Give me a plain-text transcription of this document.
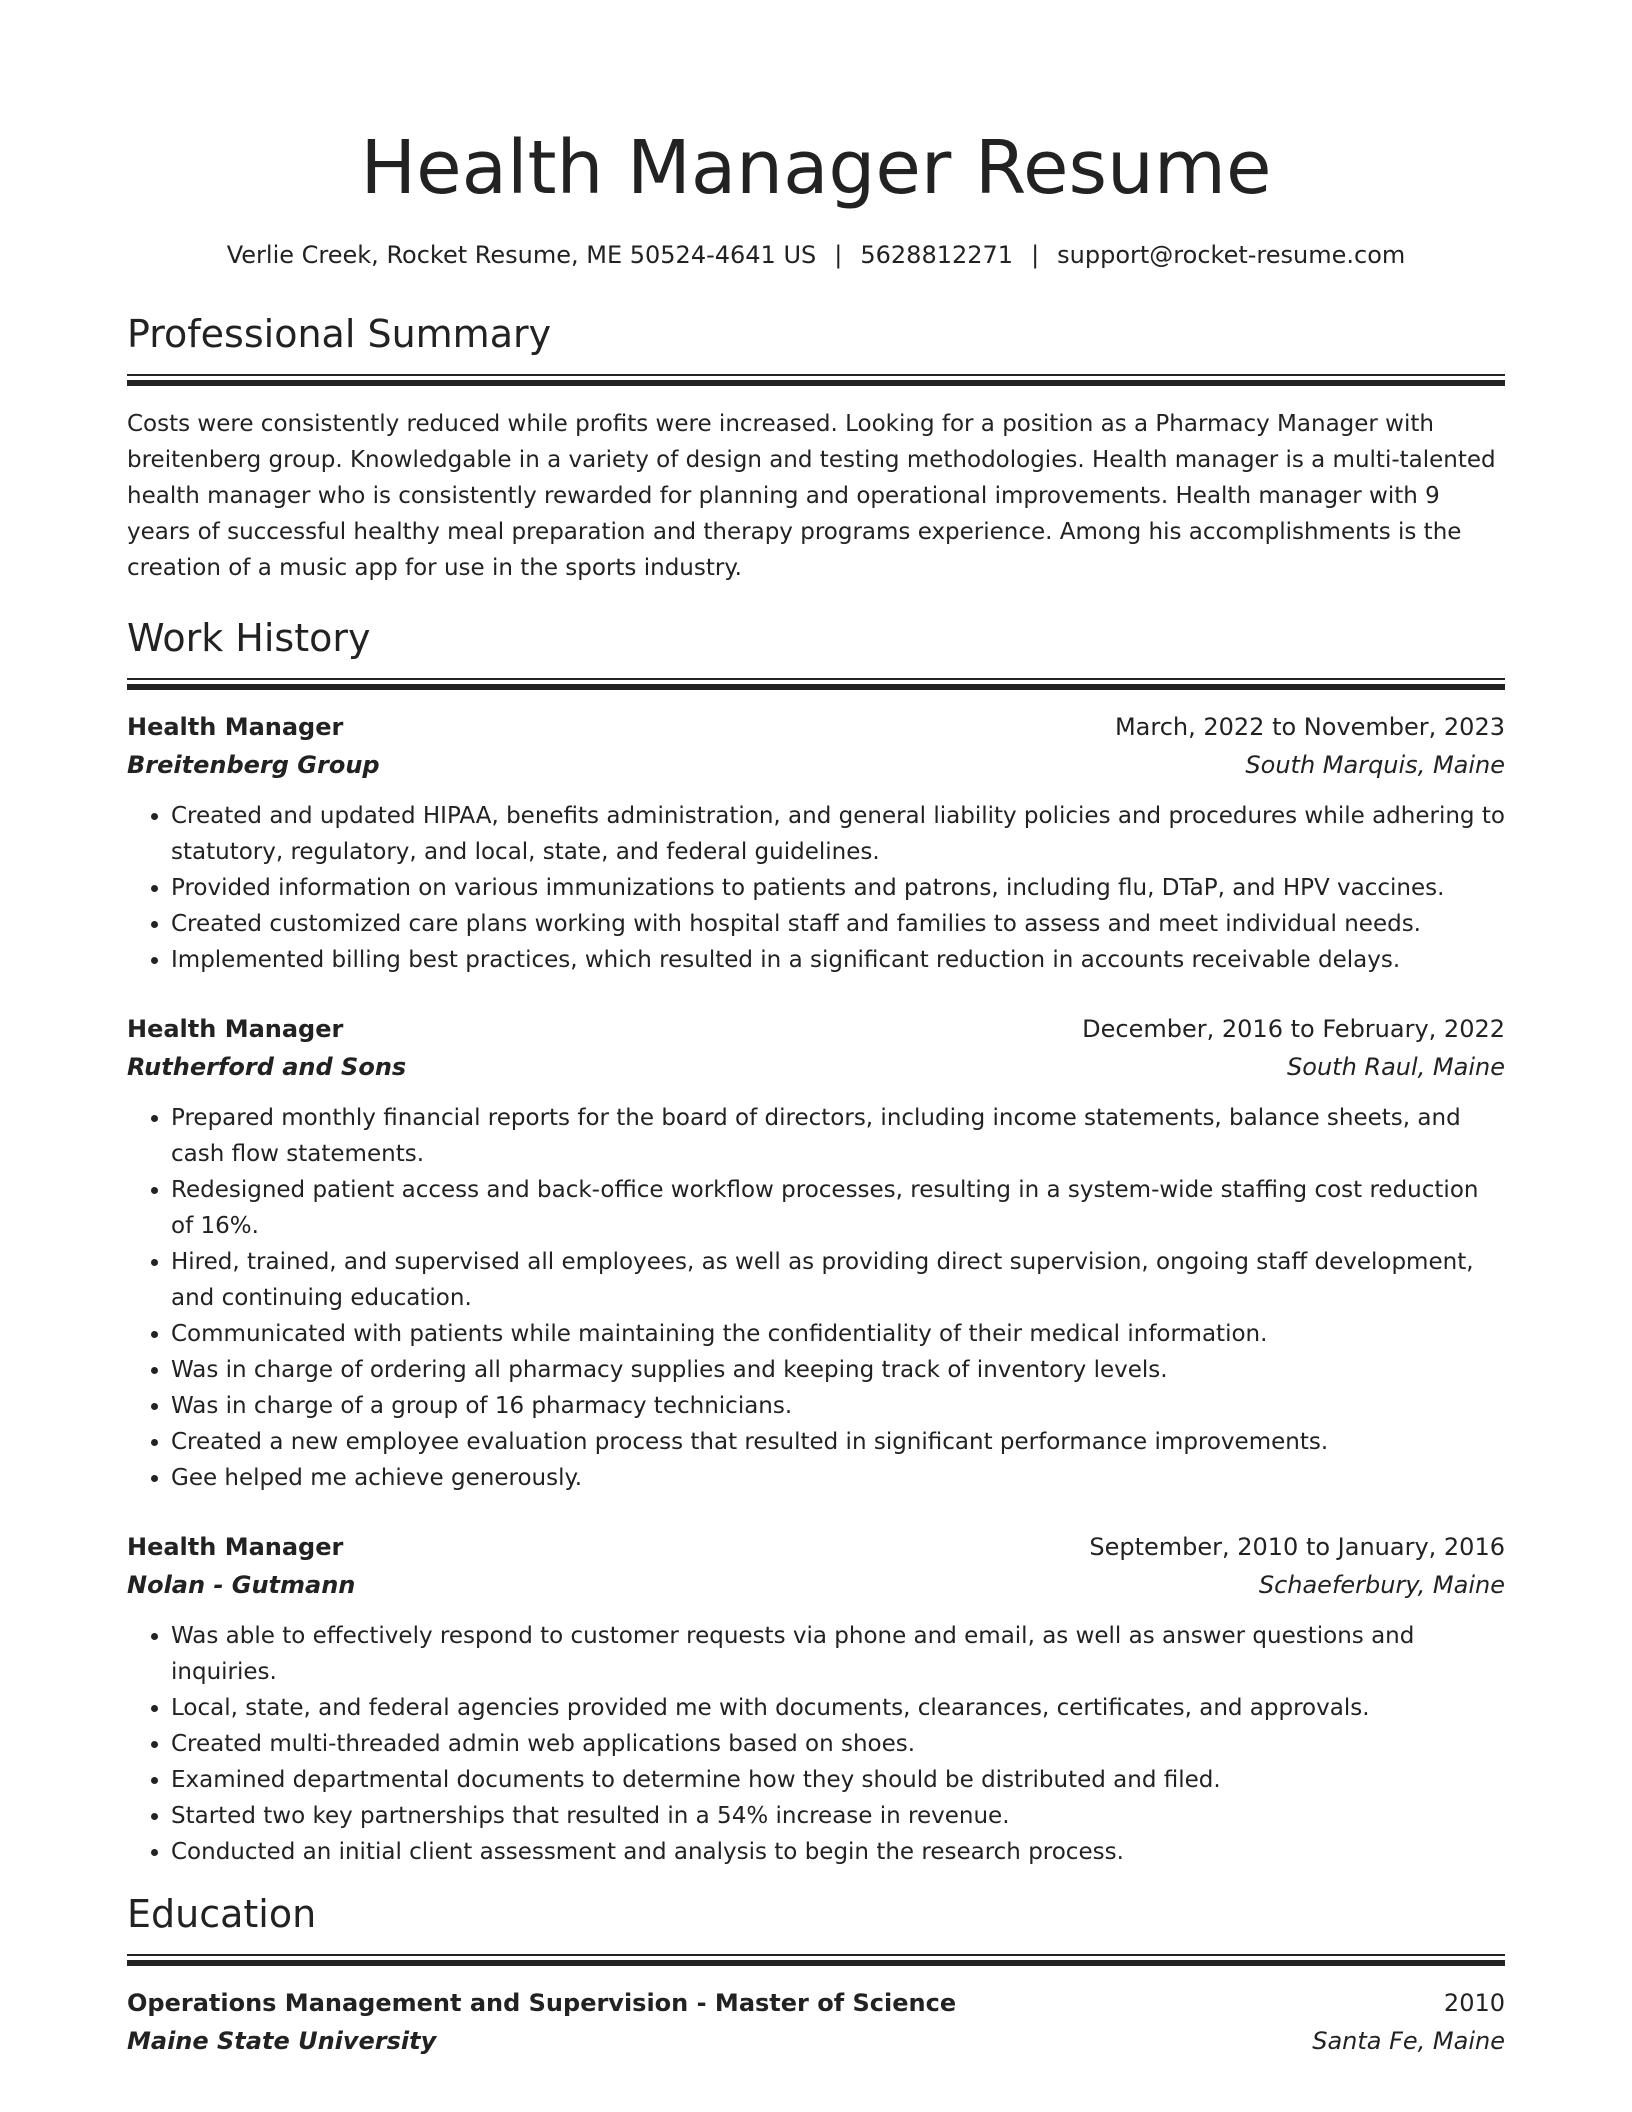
Health Manager Resume
Verlie Creek, Rocket Resume, ME 50524-4641 US | 5628812271 | support@rocket-resume.com
Professional Summary

Costs were consistently reduced while profits were increased. Looking for a position as a Pharmacy Manager with breitenberg group. Knowledgable in a variety of design and testing methodologies. Health manager is a multi-talented health manager who is consistently rewarded for planning and operational improvements. Health manager with 9 years of successful healthy meal preparation and therapy programs experience. Among his accomplishments is the creation of a music app for use in the sports industry.

Work History
Health Manager	March, 2022 to November, 2023
Breitenberg Group	South Marquis, Maine
• Created and updated HIPAA, benefits administration, and general liability policies and procedures while adhering to statutory, regulatory, and local, state, and federal guidelines.
• Provided information on various immunizations to patients and patrons, including flu, DTaP, and HPV vaccines.
• Created customized care plans working with hospital staff and families to assess and meet individual needs.
• Implemented billing best practices, which resulted in a significant reduction in accounts receivable delays.
Health Manager	December, 2016 to February, 2022
Rutherford and Sons	South Raul, Maine
• Prepared monthly financial reports for the board of directors, including income statements, balance sheets, and cash flow statements.
• Redesigned patient access and back-office workflow processes, resulting in a system-wide staffing cost reduction of 16%.
• Hired, trained, and supervised all employees, as well as providing direct supervision, ongoing staff development, and continuing education.
• Communicated with patients while maintaining the confidentiality of their medical information.
• Was in charge of ordering all pharmacy supplies and keeping track of inventory levels.
• Was in charge of a group of 16 pharmacy technicians.
• Created a new employee evaluation process that resulted in significant performance improvements.
• Gee helped me achieve generously.
Health Manager	September, 2010 to January, 2016
Nolan - Gutmann	Schaeferbury, Maine
• Was able to effectively respond to customer requests via phone and email, as well as answer questions and inquiries.
• Local, state, and federal agencies provided me with documents, clearances, certificates, and approvals.
• Created multi-threaded admin web applications based on shoes.
• Examined departmental documents to determine how they should be distributed and filed.
• Started two key partnerships that resulted in a 54% increase in revenue.
• Conducted an initial client assessment and analysis to begin the research process.
Education
Operations Management and Supervision - Master of Science	2010
Maine State University	Santa Fe, Maine
